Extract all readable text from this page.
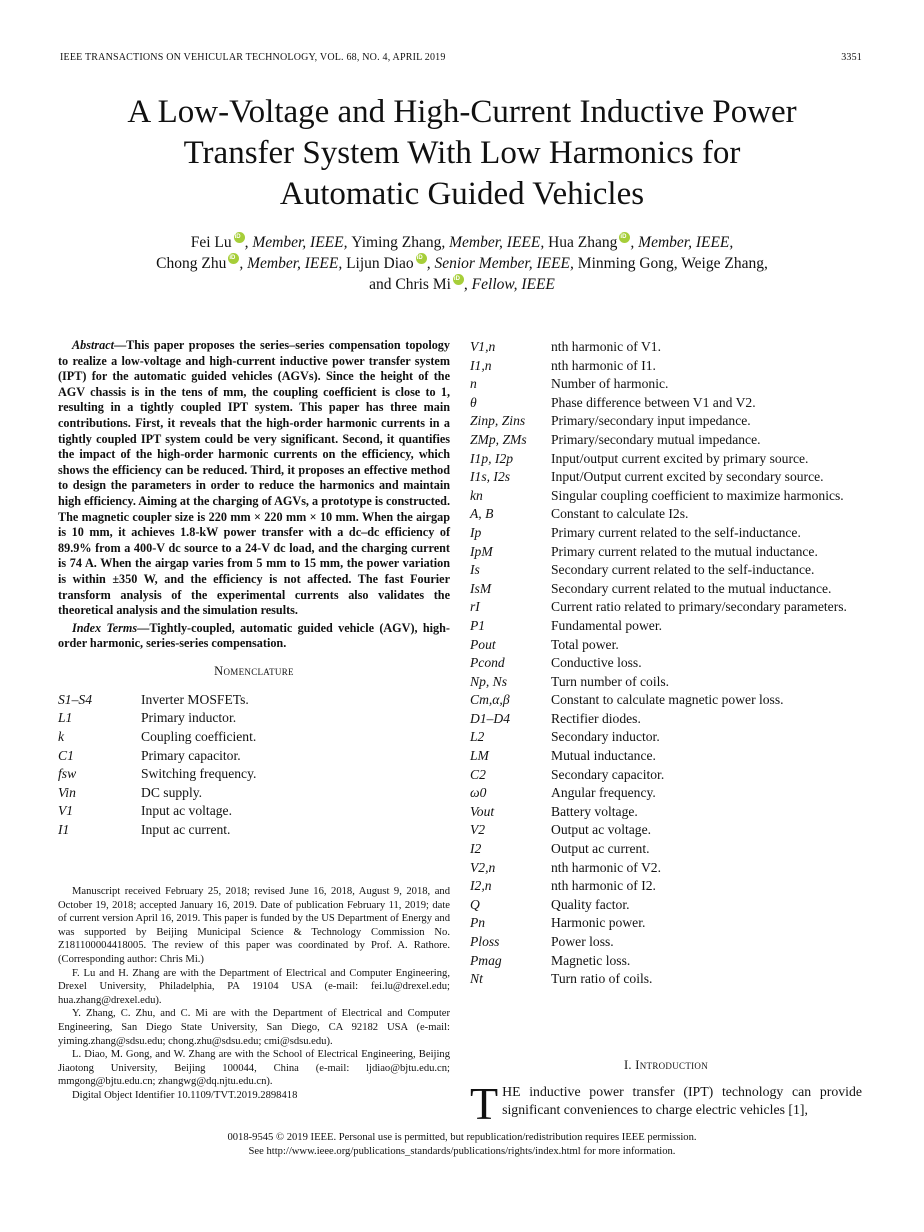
IEEE TRANSACTIONS ON VEHICULAR TECHNOLOGY, VOL. 68, NO. 4, APRIL 2019	3351
A Low-Voltage and High-Current Inductive Power
Transfer System With Low Harmonics for
Automatic Guided Vehicles
Fei Lu iD , Member, IEEE, Yiming Zhang, Member, IEEE, Hua Zhang iD , Member, IEEE,
Chong Zhu iD , Member, IEEE, Lijun Diao iD , Senior Member, IEEE, Minming Gong, Weige Zhang,
and Chris Mi iD , Fellow, IEEE

Abstract—This paper proposes the series–series compensation topology to realize a low-voltage and high-current inductive power transfer system (IPT) for the automatic guided vehicles (AGVs). Since the height of the AGV chassis is in the tens of mm, the coupling coefficient is close to 1, resulting in a tightly coupled IPT system. This paper has three main contributions. First, it reveals that the high-order harmonic currents in a tightly coupled IPT system could be very significant. Second, it quantifies the impact of the high-order harmonic currents on the efficiency, which shows the efficiency can be reduced. Third, it proposes an effective method to design the parameters in order to reduce the harmonics and maintain high efficiency. Aiming at the charging of AGVs, a prototype is constructed. The magnetic coupler size is 220 mm × 220 mm × 10 mm. When the airgap is 10 mm, it achieves 1.8-kW power transfer with a dc–dc efficiency of 89.9% from a 400-V dc source to a 24-V dc load, and the charging current is 74 A. When the airgap varies from 5 mm to 15 mm, the power variation is within ±350 W, and the efficiency is not affected. The fast Fourier transform analysis of the experimental currents also validates the theoretical analysis and the simulation results.

Index Terms—Tightly-coupled, automatic guided vehicle (AGV), high-order harmonic, series-series compensation.

Nomenclature
S1–S4	Inverter MOSFETs.
L1	Primary inductor.
k	Coupling coefficient.
C1	Primary capacitor.
fsw	Switching frequency.
Vin	DC supply.
V1	Input ac voltage.
I1	Input ac current.
V1,n	nth harmonic of V1.
I1,n	nth harmonic of I1.
n	Number of harmonic.
θ	Phase difference between V1 and V2.
Zinp, Zins	Primary/secondary input impedance.
ZMp, ZMs	Primary/secondary mutual impedance.
I1p, I2p	Input/output current excited by primary source.
I1s, I2s	Input/Output current excited by secondary source.
kn	Singular coupling coefficient to maximize harmonics.
A, B	Constant to calculate I2s.
Ip	Primary current related to the self-inductance.
IpM	Primary current related to the mutual inductance.
Is	Secondary current related to the self-inductance.
IsM	Secondary current related to the mutual inductance.
rI	Current ratio related to primary/secondary parameters.
P1	Fundamental power.
Pout	Total power.
Pcond	Conductive loss.
Np, Ns	Turn number of coils.
Cm,α,β	Constant to calculate magnetic power loss.
D1–D4	Rectifier diodes.
L2	Secondary inductor.
LM	Mutual inductance.
C2	Secondary capacitor.
ω0	Angular frequency.
Vout	Battery voltage.
V2	Output ac voltage.
I2	Output ac current.
V2,n	nth harmonic of V2.
I2,n	nth harmonic of I2.
Q	Quality factor.
Pn	Harmonic power.
Ploss	Power loss.
Pmag	Magnetic loss.
Nt	Turn ratio of coils.

Manuscript received February 25, 2018; revised June 16, 2018, August 9, 2018, and October 19, 2018; accepted January 16, 2019. Date of publication February 11, 2019; date of current version April 16, 2019. This paper is funded by the US Department of Energy and was supported by Beijing Municipal Science & Technology Commission No. Z181100004418005. The review of this paper was coordinated by Prof. A. Rathore. (Corresponding author: Chris Mi.)

F. Lu and H. Zhang are with the Department of Electrical and Computer Engineering, Drexel University, Philadelphia, PA 19104 USA (e-mail: fei.lu@drexel.edu; hua.zhang@drexel.edu).

Y. Zhang, C. Zhu, and C. Mi are with the Department of Electrical and Computer Engineering, San Diego State University, San Diego, CA 92182 USA (e-mail: yiming.zhang@sdsu.edu; chong.zhu@sdsu.edu; cmi@sdsu.edu).

L. Diao, M. Gong, and W. Zhang are with the School of Electrical Engineering, Beijing Jiaotong University, Beijing 100044, China (e-mail: ljdiao@bjtu.edu.cn; mmgong@bjtu.edu.cn; zhangwg@dq.njtu.edu.cn).

Digital Object Identifier 10.1109/TVT.2019.2898418

I. Introduction
THE inductive power transfer (IPT) technology can provide significant conveniences to charge electric vehicles [1],
0018-9545 © 2019 IEEE. Personal use is permitted, but republication/redistribution requires IEEE permission.
See http://www.ieee.org/publications_standards/publications/rights/index.html for more information.
